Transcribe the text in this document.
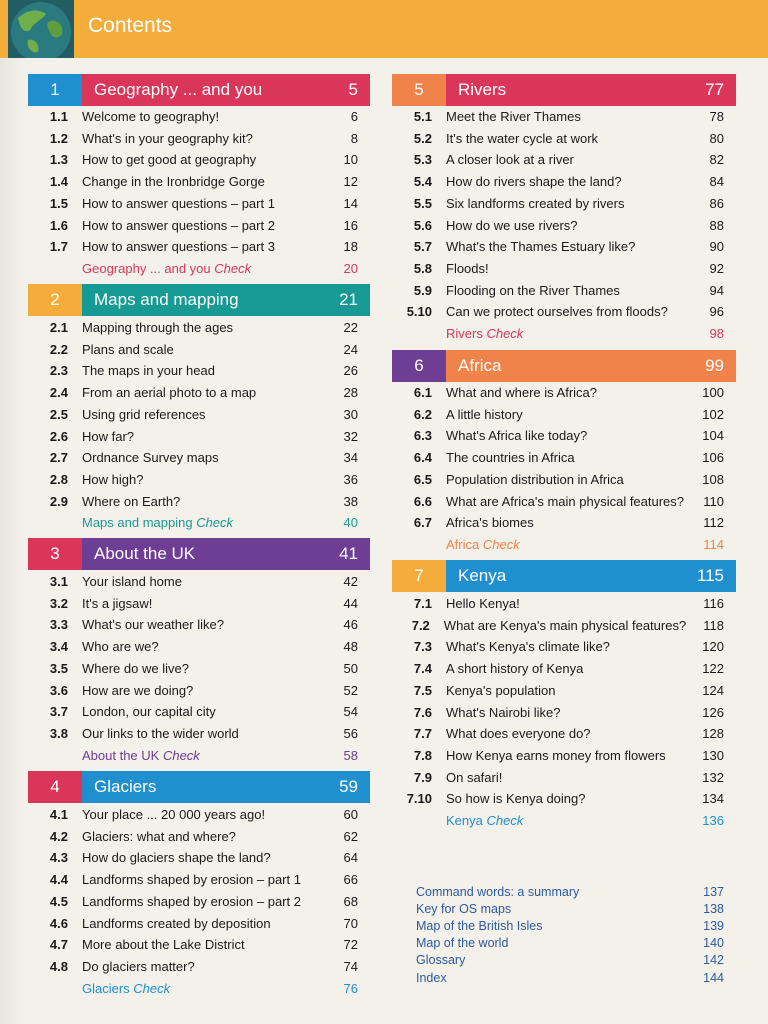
Contents
1	Geography ... and you	5
1.1	Welcome to geography!	6
1.2	What's in your geography kit?	8
1.3	How to get good at geography	10
1.4	Change in the Ironbridge Gorge	12
1.5	How to answer questions – part 1	14
1.6	How to answer questions – part 2	16
1.7	How to answer questions – part 3	18
Geography ... and you Check	20
2	Maps and mapping	21
2.1	Mapping through the ages	22
2.2	Plans and scale	24
2.3	The maps in your head	26
2.4	From an aerial photo to a map	28
2.5	Using grid references	30
2.6	How far?	32
2.7	Ordnance Survey maps	34
2.8	How high?	36
2.9	Where on Earth?	38
Maps and mapping Check	40
3	About the UK	41
3.1	Your island home	42
3.2	It's a jigsaw!	44
3.3	What's our weather like?	46
3.4	Who are we?	48
3.5	Where do we live?	50
3.6	How are we doing?	52
3.7	London, our capital city	54
3.8	Our links to the wider world	56
About the UK Check	58
4	Glaciers	59
4.1	Your place ... 20 000 years ago!	60
4.2	Glaciers: what and where?	62
4.3	How do glaciers shape the land?	64
4.4	Landforms shaped by erosion – part 1	66
4.5	Landforms shaped by erosion – part 2	68
4.6	Landforms created by deposition	70
4.7	More about the Lake District	72
4.8	Do glaciers matter?	74
Glaciers Check	76
5	Rivers	77
5.1	Meet the River Thames	78
5.2	It's the water cycle at work	80
5.3	A closer look at a river	82
5.4	How do rivers shape the land?	84
5.5	Six landforms created by rivers	86
5.6	How do we use rivers?	88
5.7	What's the Thames Estuary like?	90
5.8	Floods!	92
5.9	Flooding on the River Thames	94
5.10	Can we protect ourselves from floods?	96
Rivers Check	98
6	Africa	99
6.1	What and where is Africa?	100
6.2	A little history	102
6.3	What's Africa like today?	104
6.4	The countries in Africa	106
6.5	Population distribution in Africa	108
6.6	What are Africa's main physical features?	110
6.7	Africa's biomes	112
Africa Check	114
7	Kenya	115
7.1	Hello Kenya!	116
7.2	What are Kenya's main physical features?	118
7.3	What's Kenya's climate like?	120
7.4	A short history of Kenya	122
7.5	Kenya's population	124
7.6	What's Nairobi like?	126
7.7	What does everyone do?	128
7.8	How Kenya earns money from flowers	130
7.9	On safari!	132
7.10	So how is Kenya doing?	134
Kenya Check	136
Command words: a summary	137
Key for OS maps	138
Map of the British Isles	139
Map of the world	140
Glossary	142
Index	144
